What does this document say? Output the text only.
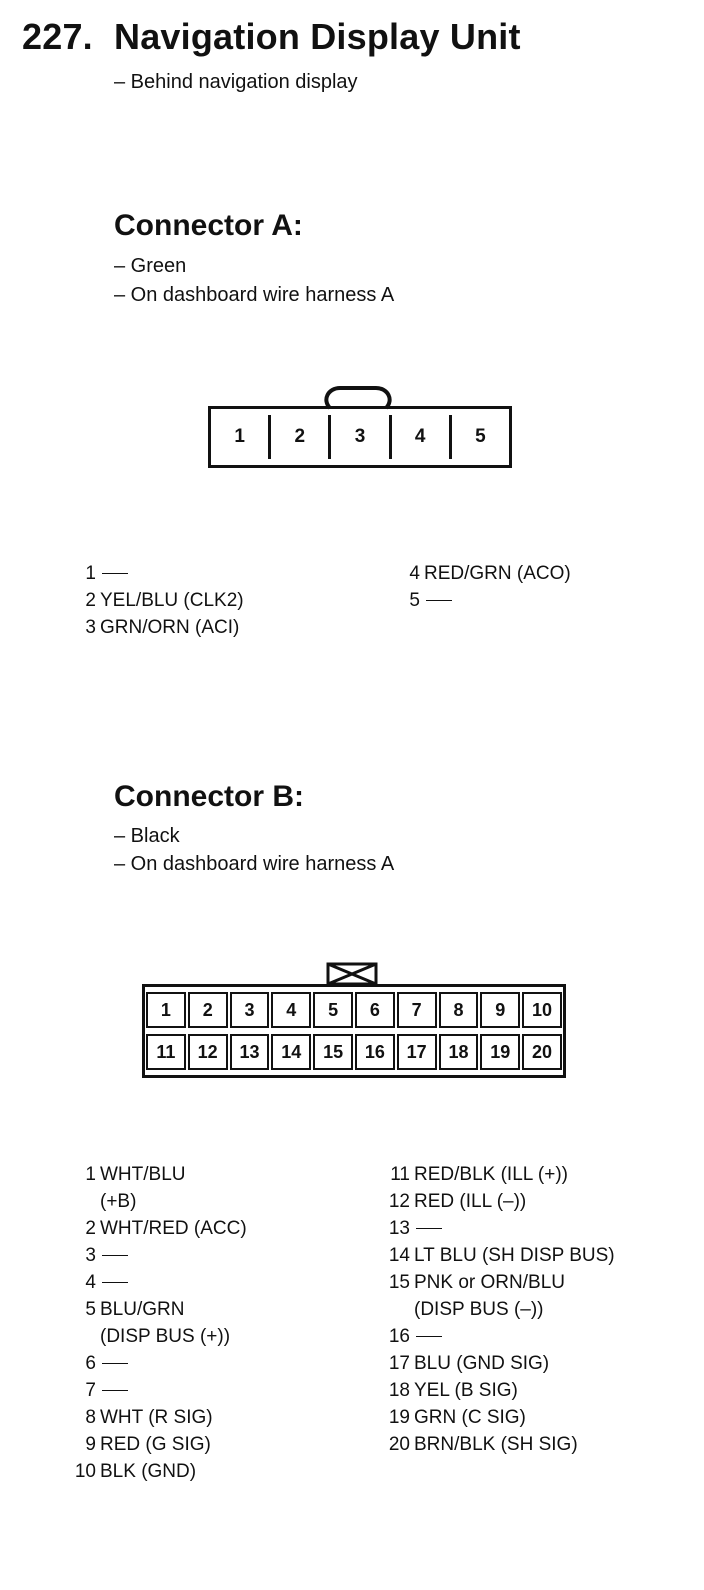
227. Navigation Display Unit
– Behind navigation display
Connector A:
– Green
– On dashboard wire harness A
1	2	3	4	5
1
2 YEL/BLU (CLK2)
3 GRN/ORN (ACI)
4 RED/GRN (ACO)
5
Connector B:
– Black
– On dashboard wire harness A
1	2	3	4	5	6	7	8	9	10
11	12	13	14	15	16	17	18	19	20
1 WHT/BLU
(+B)
2 WHT/RED (ACC)
3
4
5 BLU/GRN
(DISP BUS (+))
6
7
8 WHT (R SIG)
9 RED (G SIG)
10 BLK (GND)
11 RED/BLK (ILL (+))
12 RED (ILL (–))
13
14 LT BLU (SH DISP BUS)
15 PNK or ORN/BLU
(DISP BUS (–))
16
17 BLU (GND SIG)
18 YEL (B SIG)
19 GRN (C SIG)
20 BRN/BLK (SH SIG)
